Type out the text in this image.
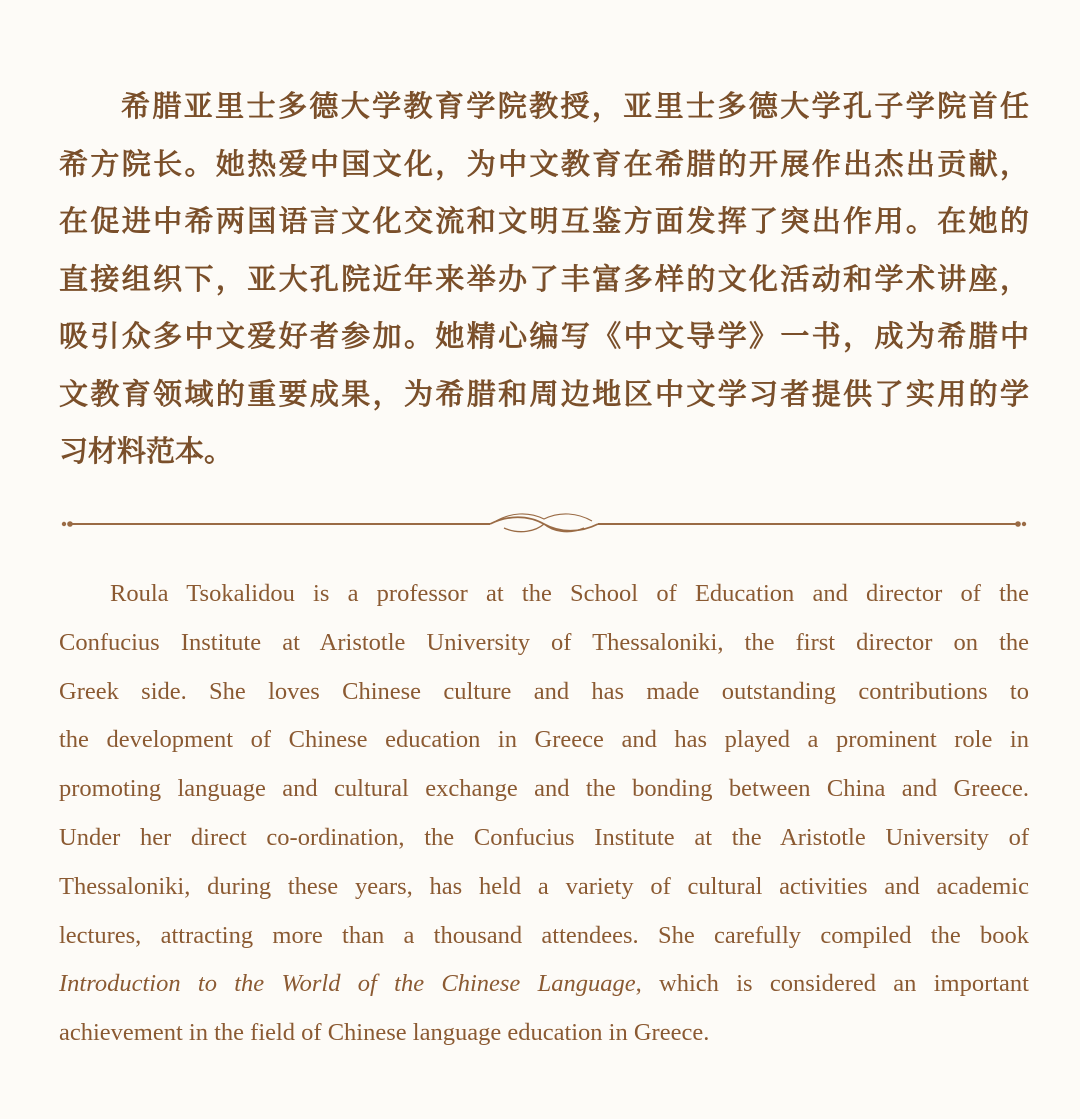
希腊亚里士多德大学教育学院教授，亚里士多德大学孔子学院首任
希方院长。她热爱中国文化，为中文教育在希腊的开展作出杰出贡献，
在促进中希两国语言文化交流和文明互鉴方面发挥了突出作用。在她的
直接组织下，亚大孔院近年来举办了丰富多样的文化活动和学术讲座，
吸引众多中文爱好者参加。她精心编写《中文导学》一书，成为希腊中
文教育领域的重要成果，为希腊和周边地区中文学习者提供了实用的学
习材料范本。
Roula Tsokalidou is a professor at the School of Education and director of the
Confucius Institute at Aristotle University of Thessaloniki, the first director on the
Greek side. She loves Chinese culture and has made outstanding contributions to
the development of Chinese education in Greece and has played a prominent role in
promoting language and cultural exchange and the bonding between China and Greece.
Under her direct co-ordination, the Confucius Institute at the Aristotle University of
Thessaloniki, during these years, has held a variety of cultural activities and academic
lectures, attracting more than a thousand attendees. She carefully compiled the book
Introduction to the World of the Chinese Language, which is considered an important
achievement in the field of Chinese language education in Greece.
